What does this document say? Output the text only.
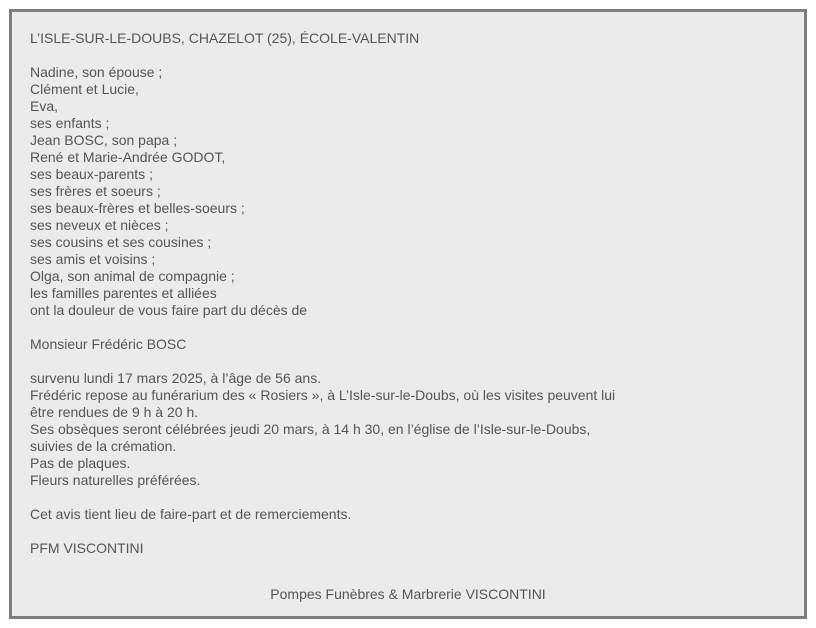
L’ISLE-SUR-LE-DOUBS, CHAZELOT (25), ÉCOLE-VALENTIN
Nadine, son épouse ;
Clément et Lucie,
Eva,
ses enfants ;
Jean BOSC, son papa ;
René et Marie-Andrée GODOT,
ses beaux-parents ;
ses frères et soeurs ;
ses beaux-frères et belles-soeurs ;
ses neveux et nièces ;
ses cousins et ses cousines ;
ses amis et voisins ;
Olga, son animal de compagnie ;
les familles parentes et alliées
ont la douleur de vous faire part du décès de
Monsieur Frédéric BOSC
survenu lundi 17 mars 2025, à l’âge de 56 ans.
Frédéric repose au funérarium des « Rosiers », à L’Isle-sur-le-Doubs, où les visites peuvent lui
être rendues de 9 h à 20 h.
Ses obsèques seront célébrées jeudi 20 mars, à 14 h 30, en l’église de l’Isle-sur-le-Doubs,
suivies de la crémation.
Pas de plaques.
Fleurs naturelles préférées.
Cet avis tient lieu de faire-part et de remerciements.
PFM VISCONTINI
Pompes Funèbres & Marbrerie VISCONTINI
